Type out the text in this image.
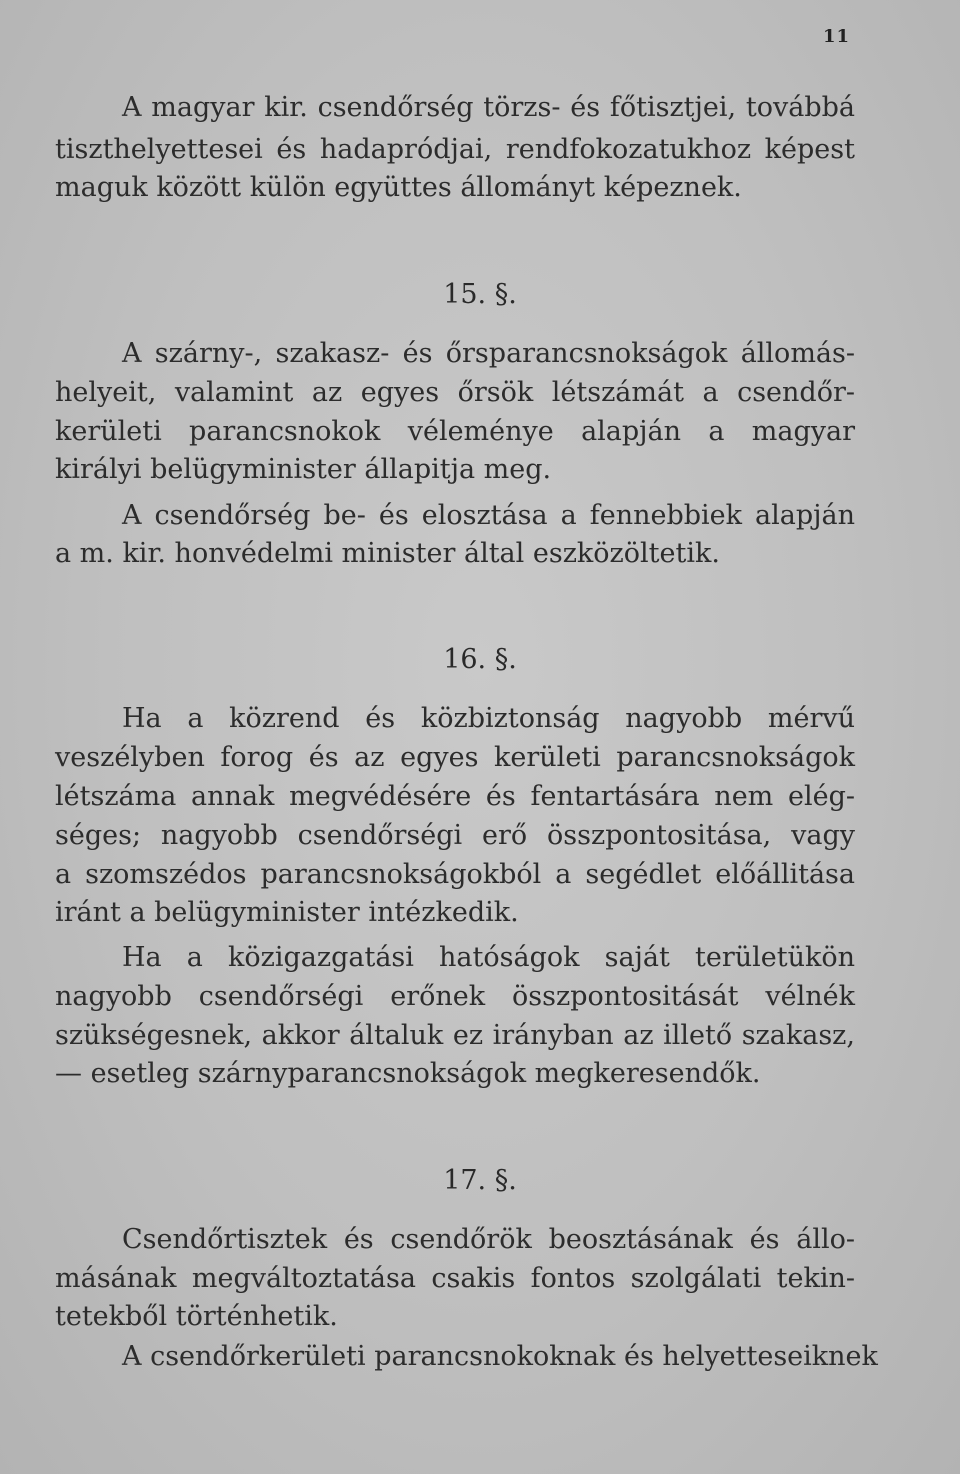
11
A magyar kir. csendőrség törzs- és főtisztjei, továbbá
tiszthelyettesei és hadapródjai, rendfokozatukhoz képest
maguk között külön együttes állományt képeznek.
15. §.
A szárny-, szakasz- és őrsparancsnokságok állomás-
helyeit, valamint az egyes őrsök létszámát a csendőr-
kerületi parancsnokok véleménye alapján a magyar
királyi belügyminister állapitja meg.
A csendőrség be- és elosztása a fennebbiek alapján
a m. kir. honvédelmi minister által eszközöltetik.
16. §.
Ha a közrend és közbiztonság nagyobb mérvű
veszélyben forog és az egyes kerületi parancsnokságok
létszáma annak megvédésére és fentartására nem elég-
séges; nagyobb csendőrségi erő összpontositása, vagy
a szomszédos parancsnokságokból a segédlet előállitása
iránt a belügyminister intézkedik.
Ha a közigazgatási hatóságok saját területükön
nagyobb csendőrségi erőnek összpontositását vélnék
szükségesnek, akkor általuk ez irányban az illető szakasz,
— esetleg szárnyparancsnokságok megkeresendők.
17. §.
Csendőrtisztek és csendőrök beosztásának és állo-
másának megváltoztatása csakis fontos szolgálati tekin-
tetekből történhetik.
A csendőrkerületi parancsnokoknak és helyetteseiknek
